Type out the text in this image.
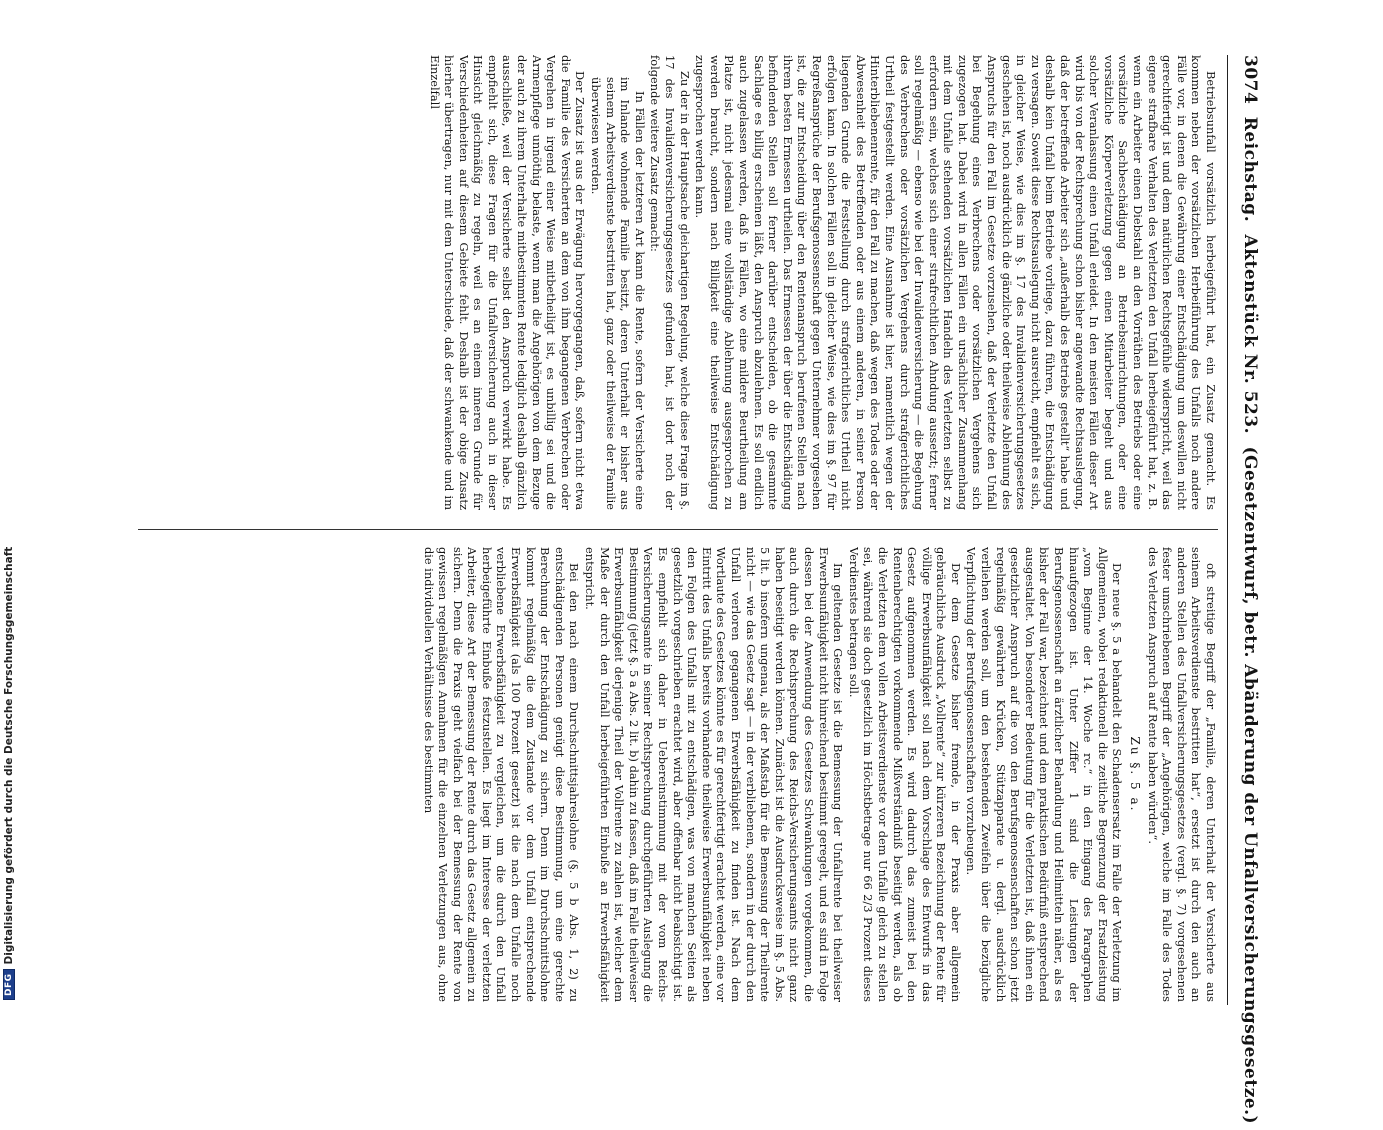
3074 Reichstag. Aktenstück Nr. 523. (Gesetzentwurf, betr. Abänderung der Unfallversicherungsgesetze.)

Betriebsunfall vorsätzlich herbeigeführt hat, ein Zusatz gemacht. Es kommen neben der vorsätzlichen Herbeiführung des Unfalls noch andere Fälle vor, in denen die Gewährung einer Entschädigung um deswillen nicht gerechtfertigt ist und dem natürlichen Rechtsgefühle widerspricht, weil das eigene strafbare Verhalten des Verletzten den Unfall herbeigeführt hat, z. B. wenn ein Arbeiter einen Diebstahl an den Vorräthen des Betriebs oder eine vorsätzliche Sachbeschädigung an Betriebseinrichtungen, oder eine vorsätzliche Körperverletzung gegen einen Mitarbeiter begeht und aus solcher Veranlassung einen Unfall erleidet. In den meisten Fällen dieser Art wird bis von der Rechtsprechung schon bisher angewandte Rechtsauslegung, daß der betreffende Arbeiter sich „außerhalb des Betriebs gestellt“ habe und deshalb kein Unfall beim Betriebe vorliege, dazu führen, die Entschädigung zu versagen. Soweit diese Rechtsauslegung nicht ausreicht, empfiehlt es sich, in gleicher Weise, wie dies im §. 17 des Invalidenversicherungsgesetzes geschehen ist, noch ausdrücklich die gänzliche oder theilweise Ablehnung des Anspruchs für den Fall im Gesetze vorzusehen, daß der Verletzte den Unfall bei Begehung eines Verbrechens oder vorsätzlichen Vergehens sich zugezogen hat. Dabei wird in allen Fällen ein ursächlicher Zusammenhang mit dem Unfalle stehenden vorsätzlichen Handeln des Verletzten selbst zu erfordern sein, welches sich einer strafrechtlichen Ahndung aussetzt; ferner soll regelmäßig — ebenso wie bei der Invalidenversicherung — die Begehung des Verbrechens oder vorsätzlichen Vergehens durch strafgerichtliches Urtheil festgestellt werden. Eine Ausnahme ist hier, namentlich wegen der Hinterbliebenenrente, für den Fall zu machen, daß wegen des Todes oder der Abwesenheit des Betreffenden oder aus einem anderen, in seiner Person liegenden Grunde die Feststellung durch strafgerichtliches Urtheil nicht erfolgen kann. In solchen Fällen soll in gleicher Weise, wie dies im §. 97 für Regreßansprüche der Berufsgenossenschaft gegen Unternehmer vorgesehen ist, die zur Entscheidung über den Rentenanspruch berufenen Stellen nach ihrem besten Ermessen urtheilen. Das Ermessen der über die Entschädigung befindenden Stellen soll ferner darüber entscheiden, ob die gesammte Sachlage es billig erscheinen läßt, den Anspruch abzulehnen. Es soll endlich auch zugelassen werden, daß in Fällen, wo eine mildere Beurtheilung am Platze ist, nicht jedesmal eine vollständige Ablehnung ausgesprochen zu werden braucht, sondern nach Billigkeit eine theilweise Entschädigung zugesprochen werden kann.

Zu der in der Hauptsache gleichartigen Regelung, welche diese Frage im §. 17 des Invalidenversicherungsgesetzes gefunden hat, ist dort noch der folgende weitere Zusatz gemacht:

In Fällen der letzteren Art kann die Rente, sofern der Versicherte eine im Inlande wohnende Familie besitzt, deren Unterhalt er bisher aus seinem Arbeitsverdienste bestritten hat, ganz oder theilweise der Familie überwiesen werden.

Der Zusatz ist aus der Erwägung hervorgegangen, daß, sofern nicht etwa die Familie des Versicherten an dem von ihm begangenen Verbrechen oder Vergehen in irgend einer Weise mitbetheiligt ist, es unbillig sei und die Armenpflege unnöthig belaste, wenn man die Angehörigen von dem Bezuge der auch zu ihrem Unterhalte mitbestimmten Rente lediglich deshalb gänzlich ausschließe, weil der Versicherte selbst den Anspruch verwirkt habe. Es empfiehlt sich, diese Fragen für die Unfallversicherung auch in dieser Hinsicht gleichmäßig zu regeln, weil es an einem inneren Grunde für Verschiedenheiten auf diesem Gebiete fehlt. Deshalb ist der obige Zusatz hierher übertragen, nur mit dem Unterschiede, daß der schwankende und im Einzelfall

oft streitige Begriff der „Familie, deren Unterhalt der Versicherte aus seinem Arbeitsverdienste bestritten hat“, ersetzt ist durch den auch an anderen Stellen des Unfallversicherungsgesetzes (vergl. §. 7) vorgesehenen fester umschriebenen Begriff der „Angehörigen, welche im Falle des Todes des Verletzten Anspruch auf Rente haben würden“.

Zu §. 5 a.

Der neue §. 5 a behandelt den Schadensersatz im Falle der Verletzung im Allgemeinen, wobei redaktionell die zeitliche Begrenzung der Ersatzleistung „vom Beginne der 14. Woche rc.“ in den Eingang des Paragraphen hinaufgezogen ist. Unter Ziffer 1 sind die Leistungen der Berufsgenossenschaft an ärztlicher Behandlung und Heilmitteln näher, als es bisher der Fall war, bezeichnet und dem praktischen Bedürfniß entsprechend ausgestaltet. Von besonderer Bedeutung für die Verletzten ist, daß ihnen ein gesetzlicher Anspruch auf die von den Berufsgenossenschaften schon jetzt regelmäßig gewährten Krücken, Stützapparate u. dergl. ausdrücklich verliehen werden soll, um den bestehenden Zweifeln über die bezügliche Verpflichtung der Berufsgenossenschaften vorzubeugen.

Der dem Gesetze bisher fremde, in der Praxis aber allgemein gebräuchliche Ausdruck „Vollrente“ zur kürzeren Bezeichnung der Rente für völlige Erwerbsunfähigkeit soll nach dem Vorschlage des Entwurfs in das Gesetz aufgenommen werden. Es wird dadurch das zumeist bei den Rentenberechtigten vorkommende Mißverständniß beseitigt werden, als ob die Verletzten dem vollen Arbeitsverdienste vor dem Unfalle gleich zu stellen sei, während sie doch gesetzlich im Höchstbetrage nur 66 2/3 Prozent dieses Verdienstes betragen soll.

Im geltenden Gesetze ist die Bemessung der Unfallrente bei theilweiser Erwerbsunfähigkeit nicht hinreichend bestimmt geregelt, und es sind in Folge dessen bei der Anwendung des Gesetzes Schwankungen vorgekommen, die auch durch die Rechtsprechung des Reichs-Versicherungsamts nicht ganz haben beseitigt werden können. Zunächst ist die Ausdrucksweise im §. 5 Abs. 5 lit. b insofern ungenau, als der Maßstab für die Bemessung der Theilrente nicht — wie das Gesetz sagt — in der verbliebenen, sondern in der durch den Unfall verloren gegangenen Erwerbsfähigkeit zu finden ist. Nach dem Wortlaute des Gesetzes könnte es für gerechtfertigt erachtet werden, eine vor Eintritt des Unfalls bereits vorhandene theilweise Erwerbsunfähigkeit neben den Folgen des Unfalls mit zu entschädigen, was von manchen Seiten als gesetzlich vorgeschrieben erachtet wird, aber offenbar nicht beabsichtigt ist. Es empfiehlt sich daher in Uebereinstimmung mit der vom Reichs-Versicherungsamte in seiner Rechtsprechung durchgeführten Auslegung die Bestimmung (jetzt §. 5 a Abs. 2 lit. b) dahin zu fassen, daß im Falle theilweiser Erwerbsunfähigkeit derjenige Theil der Vollrente zu zahlen ist, welcher dem Maße der durch den Unfall herbeigeführten Einbuße an Erwerbsfähigkeit entspricht.

Bei den nach einem Durchschnittsjahreslohne (§. 5 b Abs. 1, 2) zu entschädigenden Personen genügt diese Bestimmung, um eine gerechte Berechnung der Entschädigung zu sichern. Denn im Durchschnittslohne kommt regelmäßig die dem Zustande vor dem Unfall entsprechende Erwerbsfähigkeit (als 100 Prozent gesetzt) ist die nach dem Unfalle noch verbliebene Erwerbsfähigkeit zu vergleichen, um die durch den Unfall herbeigeführte Einbuße festzustellen. Es liegt im Interesse der verletzten Arbeiter, diese Art der Bemessung der Rente durch das Gesetz allgemein zu sichern. Denn die Praxis geht vielfach bei der Bemessung der Rente von gewissen regelmäßigen Annahmen für die einzelnen Verletzungen aus, ohne die individuellen Verhältnisse des bestimmten

DFG
Digitalisierung gefördert durch die Deutsche Forschungsgemeinschaft
